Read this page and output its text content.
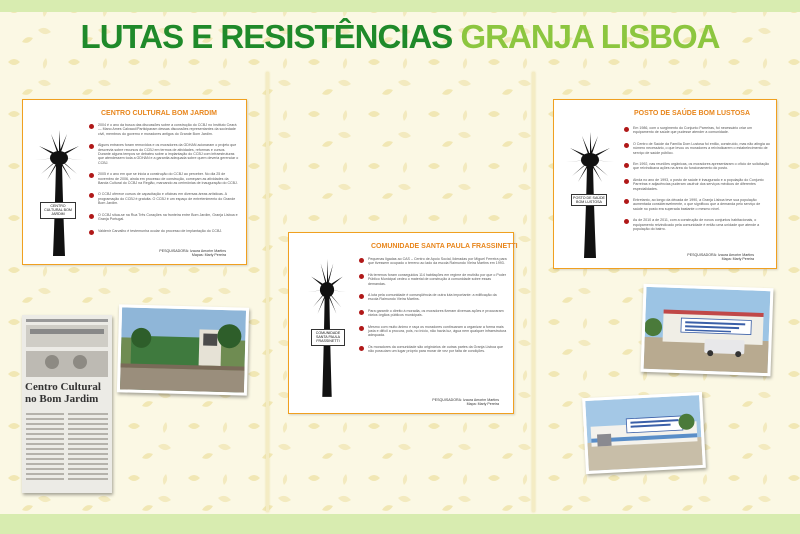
LUTAS E RESISTÊNCIAS GRANJA LISBOA
CENTRO CULTURAL BOM JARDIM
CENTRO CULTURAL BOM JARDIM
2004 é o ano da busca das discussões sobre a construção do CCBJ no Instituto Ceará — Mano Ames Calvacci/Participaram dessas discussões representantes da sociedade civil, membros do governo e moradores antigos do Grande Bom Jardim.
Alguns entraves foram removidos e os moradores da GDHAN acionaram o projeto que descrevia sobre recursos do CCBJ em termos de atividades, reformas e cursos. Durante alguns tempos se debateu sobre a implantação do CCBJ com infraestruturas que atendessem toda a GDHAN e a garantia adequada sobre quem deveria gerenciar o CCBJ.
2005 é o ano em que se inicia a construção do CCBJ ao perceber. No dia 25 de novembro de 2006, ainda em processo de construção, começam as atividades da Banda Cultural do CCBJ na Região, marcando as cerimônias de inauguração do CCBJ.
O CCBJ oferece cursos de capacitação e oficinas em diversas áreas artísticas. A programação do CCBJ é gratuita. O CCBJ é um espaço de entretenimento do Grande Bom Jardim.
O CCBJ situa-se na Rua Três Corações na fronteira entre Bom Jardim, Granja Lisboa e Granja Portugal.
Valdenir Carvalho é testemunha ocular do processo de implantação do CCBJ.
PESQUISADORA: Izaura Amorim Martins
Mapas: Marly Pereira
Centro Cultural no Bom Jardim
COMUNIDADE SANTA PAULA FRASSINETTI
COMUNIDADE SANTA PAULA FRASSINETTI
Pequenas ligadas ao CAS – Centro de Apoio Social, lideradas por Miguel Ferreira para que tivessem ocupado o terreno ao lado da escola Raimundo Vieira Martins em 1993.
Há terrenos foram conseguidos 114 habitações em regime de mutirão por que o Poder Público Municipal cedeu o material de construção à comunidade sobre essas demandas.
A luta pela comunidade é conseqüência de outra luta importante: a edificação da escola Raimundo Vieira Martins.
Para garantir o direito à moradia, os moradores fizeram diversas ações e procuraram vários órgãos públicos municipais.
Mesmo com muito ânimo e raça os moradores continuaram a organizar a forma mais justa e difícil a procura, pois, no início, não havia luz, água nem qualquer infraestrutura adequada.
Os moradores da comunidade são originários de outras partes da Granja Lisboa que não possuíam um lugar próprio para morar de vez por falta de condições.
PESQUISADORA: Izaura Amorim Martins
Mapa: Marly Pereira
POSTO DE SAÚDE BOM LUSTOSA
POSTO DE SAÚDE BOM LUSTOSA
Em 1986, com o surgimento do Conjunto Parreiras, foi necessário criar um equipamento de saúde que pudesse atender a comunidade.
O Centro de Saúde da Família Dom Lustosa foi então, construído, mas não atingia ao número necessário, o que levou os moradores a reivindicarem o estabelecimento de serviço de saúde público.
Em 1992, nas reuniões orgânicas, os moradores apresentaram o ofício de solicitação que reivindicava ações na área do funcionamento do posto.
Ainda no ano de 1993, o posto de saúde é inaugurado e a população do Conjunto Parreiras e adjacências puderam usufruir dos serviços médicos de diferentes especialidades.
Entretanto, ao longo da década de 1990, a Granja Lisboa teve sua população aumentada consideravelmente, o que significou que a demanda pelo serviço de saúde no posto era superada bastante o mesmo nível.
As de 2010 a de 2011, com a construção de novos conjuntos habitacionais, o equipamento reivindicado pela comunidade é então uma unidade que atende a população do bairro.
PESQUISADORA: Izaura Amorim Martins
Mapa: Marly Pereira
